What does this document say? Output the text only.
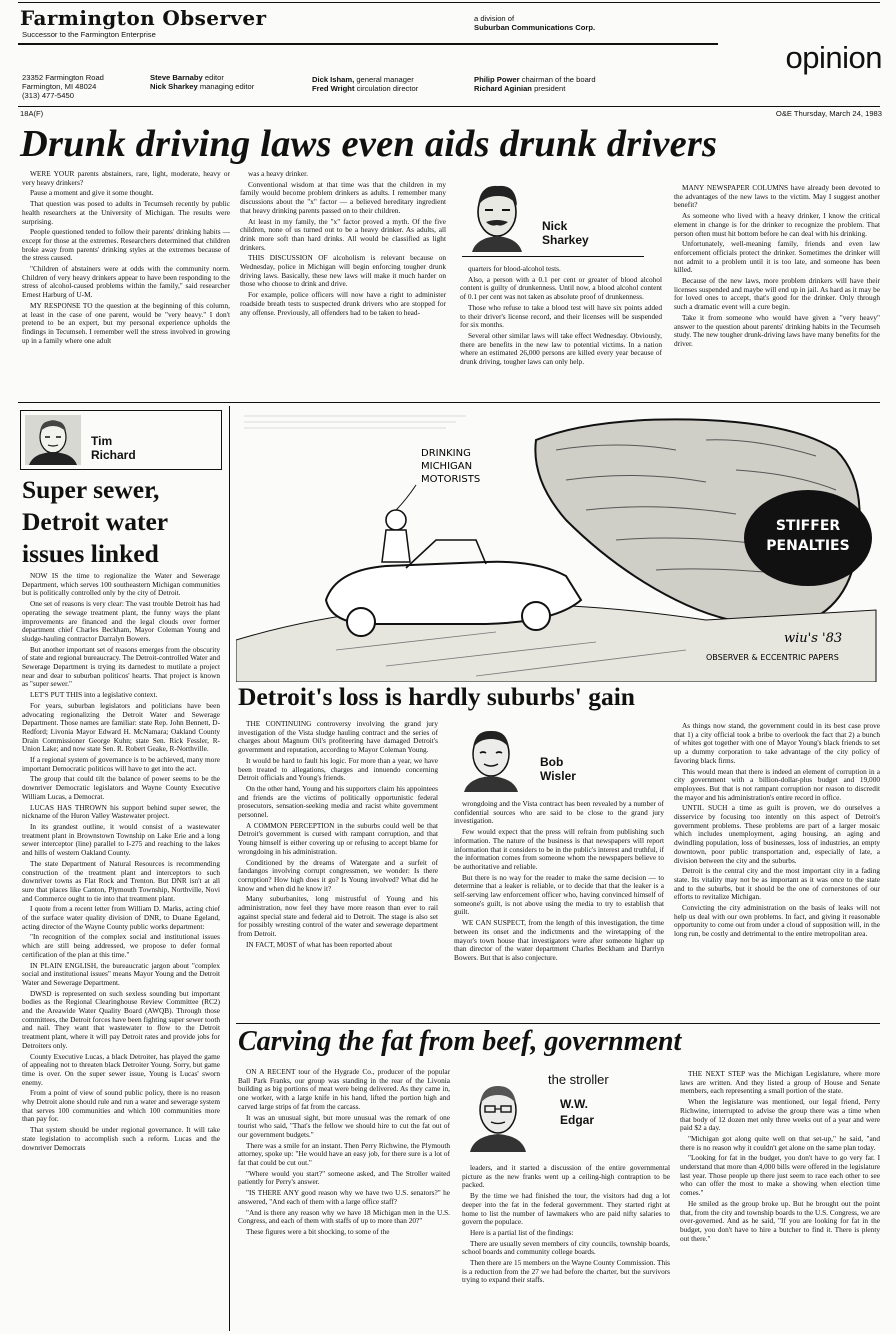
Farmington Observer
Successor to the Farmington Enterprise
a division of
Suburban Communications Corp.
opinion
23352 Farmington Road
Farmington, MI 48024
(313) 477-5450
Steve Barnaby editor
Nick Sharkey managing editor
Dick Isham, general manager
Fred Wright circulation director
Philip Power chairman of the board
Richard Aginian president
18A(F)	O&E Thursday, March 24, 1983
Drunk driving laws even aids drunk drivers

WERE YOUR parents abstainers, rare, light, moderate, heavy or very heavy drinkers?

Pause a moment and give it some thought.

That question was posed to adults in Tecumseh recently by public health researchers at the University of Michigan. The results were surprising.

People questioned tended to follow their parents' drinking habits — except for those at the extremes. Researchers determined that children broke away from parents' drinking styles at the extremes because of the stress caused.

"Children of abstainers were at odds with the community norm. Children of very heavy drinkers appear to have been responding to the stress of alcohol-caused problems within the family," said researcher Ernest Harburg of U-M.

MY RESPONSE TO the question at the beginning of this column, at least in the case of one parent, would be "very heavy." I don't pretend to be an expert, but my personal experience upholds the findings in Tecumseh. I remember well the stress involved in growing up in a family where one adult

was a heavy drinker.

Conventional wisdom at that time was that the children in my family would become problem drinkers as adults. I remember many discussions about the "x" factor — a believed hereditary ingredient that heavy drinking parents passed on to their children.

At least in my family, the "x" factor proved a myth. Of the five children, none of us turned out to be a heavy drinker. As adults, all drink more soft than hard drinks. All would be classified as light drinkers.

THIS DISCUSSION OF alcoholism is relevant because on Wednesday, police in Michigan will begin enforcing tougher drunk driving laws. Basically, these new laws will make it much harder on those who choose to drink and drive.

For example, police officers will now have a right to administer roadside breath tests to suspected drunk drivers who are stopped for any offense. Previously, all offenders had to be taken to head-

Nick
Sharkey

quarters for blood-alcohol tests.

Also, a person with a 0.1 per cent or greater of blood alcohol content is guilty of drunkenness. Until now, a blood alcohol content of 0.1 per cent was not taken as absolute proof of drunkenness.

Those who refuse to take a blood test will have six points added to their driver's license record, and their licenses will be suspended for six months.

Several other similar laws will take effect Wednesday. Obviously, there are benefits in the new law to potential victims. In a nation where an estimated 26,000 persons are killed every year because of drunk driving, tougher laws can only help.

MANY NEWSPAPER COLUMNS have already been devoted to the advantages of the new laws to the victim. May I suggest another benefit?

As someone who lived with a heavy drinker, I know the critical element in change is for the drinker to recognize the problem. That person often must hit bottom before he can deal with his drinking.

Unfortunately, well-meaning family, friends and even law enforcement officials protect the drinker. Sometimes the drinker will not admit to a problem until it is too late, and someone has been killed.

Because of the new laws, more problem drinkers will have their licenses suspended and maybe will end up in jail. As hard as it may be for loved ones to accept, that's good for the drinker. Only through such a dramatic event will a cure begin.

Take it from someone who would have given a "very heavy" answer to the question about parents' drinking habits in the Tecumseh study. The new tougher drunk-driving laws have many benefits for the driver.

Tim
Richard
Super sewer,
Detroit water
issues linked

NOW IS the time to regionalize the Water and Sewerage Department, which serves 100 southeastern Michigan communities but is politically controlled only by the city of Detroit.

One set of reasons is very clear: The vast trouble Detroit has had operating the sewage treatment plant, the funny ways the plant improvements are financed and the legal clouds over former department chief Charles Beckham, Mayor Coleman Young and sludge-hauling contractor Darralyn Bowers.

But another important set of reasons emerges from the obscurity of state and regional bureaucracy. The Detroit-controlled Water and Sewerage Department is trying its darnedest to mutilate a project near and dear to suburban politicos' hearts. That project is known as "super sewer."

LET'S PUT THIS into a legislative context.

For years, suburban legislators and politicians have been advocating regionalizing the Detroit Water and Sewerage Department. Those names are familiar: state Rep. John Bennett, D-Redford; Livonia Mayor Edward H. McNamara; Oakland County Drain Commissioner George Kuhn; state Sen. Rick Fessler, R-Union Lake; and now state Sen. R. Robert Geake, R-Northville.

If a regional system of governance is to be achieved, many more important Democratic politicos will have to get into the act.

The group that could tilt the balance of power seems to be the downriver Democratic legislators and Wayne County Executive William Lucas, a Democrat.

LUCAS HAS THROWN his support behind super sewer, the nickname of the Huron Valley Wastewater project.

In its grandest outline, it would consist of a wastewater treatment plant in Brownstown Township on Lake Erie and a long sewer interceptor (line) parallel to I-275 and reaching to the lakes and hills of western Oakland County.

The state Department of Natural Resources is recommending construction of the treatment plant and interceptors to such downriver towns as Flat Rock and Trenton. But DNR isn't at all sure that places like Canton, Plymouth Township, Northville, Novi and Commerce ought to tie into that treatment plant.

I quote from a recent letter from William D. Marks, acting chief of the surface water quality division of DNR, to Duane Egeland, acting director of the Wayne County public works department:

"In recognition of the complex social and institutional issues which are still being addressed, we propose to defer formal certification of the plan at this time."

IN PLAIN ENGLISH, the bureaucratic jargon about "complex social and institutional issues" means Mayor Young and the Detroit Water and Sewerage Department.

DWSD is represented on such sexless sounding but important bodies as the Regional Clearinghouse Review Committee (RC2) and the Areawide Water Quality Board (AWQB). Through those committees, the Detroit forces have been fighting super sewer tooth and nail. They want that wastewater to flow to the Detroit treatment plant, where it will pay Detroit rates and provide jobs for Detroiters only.

County Executive Lucas, a black Detroiter, has played the game of appealing not to threaten black Detroiter Young. Sorry, but game time is over. On the super sewer issue, Young is Lucas' sworn enemy.

From a point of view of sound public policy, there is no reason why Detroit alone should rule and run a water and sewerage system that serves 100 communities and which 100 communities more than pay for.

That system should be under regional governance. It will take state legislation to accomplish such a reform. Lucas and the downriver Democrats

STIFFER
PENALTIES
DRINKING
MICHIGAN
MOTORISTS
wiu's '83
OBSERVER & ECCENTRIC PAPERS
Detroit's loss is hardly suburbs' gain

THE CONTINUING controversy involving the grand jury investigation of the Vista sludge hauling contract and the series of charges about Magnum Oil's profiteering have damaged Detroit's government and reputation, according to Mayor Coleman Young.

It would be hard to fault his logic. For more than a year, we have been treated to allegations, charges and innuendo concerning Detroit officials and Young's friends.

On the other hand, Young and his supporters claim his appointees and friends are the victims of politically opportunistic federal prosecutors, sensation-seeking media and racist white government personnel.

A COMMON PERCEPTION in the suburbs could well be that Detroit's government is cursed with rampant corruption, and that Young himself is either covering up or refusing to accept blame for wrongdoing in his administration.

Conditioned by the dreams of Watergate and a surfeit of fandangos involving corrupt congressmen, we wonder: Is there corruption? How high does it go? Is Young involved? What did he know and when did he know it?

Many suburbanites, long mistrustful of Young and his administration, now feel they have more reason than ever to rail against special state and federal aid to Detroit. The stage is also set for possibly wresting control of the water and sewerage department from Detroit.

IN FACT, MOST of what has been reported about

Bob
Wisler

wrongdoing and the Vista contract has been revealed by a number of confidential sources who are said to be close to the grand jury investigation.

Few would expect that the press will refrain from publishing such information. The nature of the business is that newspapers will report information that it considers to be in the public's interest and truthful, if the information comes from someone whom the newspapers believe to be authoritative and reliable.

But there is no way for the reader to make the same decision — to determine that a leaker is reliable, or to decide that that the leaker is a self-serving law enforcement officer who, having convinced himself of someone's guilt, is not above using the media to try to establish that guilt.

WE CAN SUSPECT, from the length of this investigation, the time between its onset and the indictments and the wiretapping of the mayor's town house that investigators were after someone higher up than director of the water department Charles Beckham and Darrlyn Bowers. But that is also conjecture.

As things now stand, the government could in its best case prove that 1) a city official took a bribe to overlook the fact that 2) a bunch of whites got together with one of Mayor Young's black friends to set up a dummy corporation to take advantage of the city policy of favoring black firms.

This would mean that there is indeed an element of corruption in a city government with a billion-dollar-plus budget and 19,000 employees. But that is not rampant corruption nor reason to discredit the mayor and his administration's entire record in office.

UNTIL SUCH a time as guilt is proven, we do ourselves a disservice by focusing too intently on this aspect of Detroit's government problems. These problems are part of a larger mosaic which includes unemployment, aging housing, an aging and dwindling population, loss of businesses, loss of industries, an empty downtown, poor public transportation and, especially of late, a division between the city and the suburbs.

Detroit is the central city and the most important city in a fading state. Its vitality may not be as important as it was once to the state and to the suburbs, but it should be the one of cornerstones of our efforts to revitalize Michigan.

Convicting the city administration on the basis of leaks will not help us deal with our own problems. In fact, and giving it reasonable opportunity to come out from under a cloud of supposition will, in the long run, be costly and detrimental to the entire metropolitan area.

Carving the fat from beef, government

ON A RECENT tour of the Hygrade Co., producer of the popular Ball Park Franks, our group was standing in the rear of the Livonia building as big portions of meat were being delivered. As they came in, one worker, with a large knife in his hand, lifted the portion high and carved large strips of fat from the carcass.

It was an unusual sight, but more unusual was the remark of one tourist who said, "That's the fellow we should hire to cut the fat out of our government budgets."

There was a smile for an instant. Then Perry Richwine, the Plymouth attorney, spoke up: "He would have an easy job, for there sure is a lot of fat that could be cut out."

"Where would you start?" someone asked, and The Stroller waited patiently for Perry's answer.

"IS THERE ANY good reason why we have two U.S. senators?" he answered, "And each of them with a large office staff?

"And is there any reason why we have 18 Michigan men in the U.S. Congress, and each of them with staffs of up to more than 20?"

These figures were a bit shocking, to some of the

the stroller
W.W.
Edgar

leaders, and it started a discussion of the entire governmental picture as the new franks went up a ceiling-high contraption to be packed.

By the time we had finished the tour, the visitors had dug a lot deeper into the fat in the federal government. They started right at home to list the number of lawmakers who are paid nifty salaries to govern the populace.

Here is a partial list of the findings:

There are usually seven members of city councils, township boards, school boards and community college boards.

Then there are 15 members on the Wayne County Commission. This is a reduction from the 27 we had before the charter, but the survivors trying to expand their staffs.

THE NEXT STEP was the Michigan Legislature, where more laws are written. And they listed a group of House and Senate members, each representing a small portion of the state.

When the legislature was mentioned, our legal friend, Perry Richwine, interrupted to advise the group there was a time when that body of 12 dozen met only three weeks out of a year and were paid $2 a day.

"Michigan got along quite well on that set-up," he said, "and there is no reason why it couldn't get alone on the same plan today.

"Looking for fat in the budget, you don't have to go very far. I understand that more than 4,000 bills were offered in the legislature last year. Those people up there just seem to race each other to see who can offer the most to make a showing when election time comes."

He smiled as the group broke up. But he brought out the point that, from the city and township boards to the U.S. Congress, we are over-governed. And as he said, "If you are looking for fat in the budget, you don't have to hire a butcher to find it. There is plenty out there."
